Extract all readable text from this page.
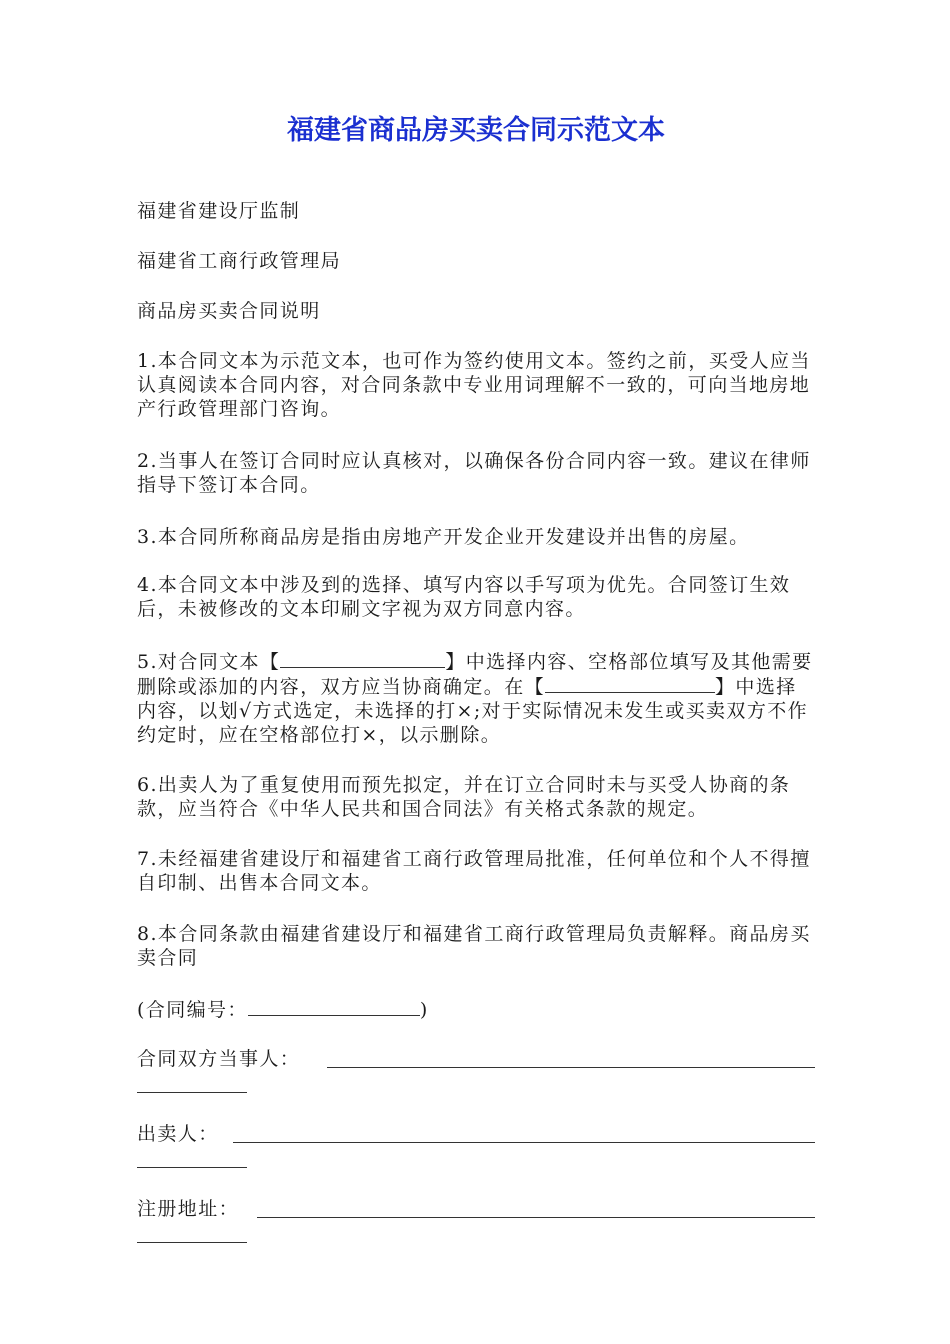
福建省商品房买卖合同示范文本

福建省建设厅监制

福建省工商行政管理局

商品房买卖合同说明

1.本合同文本为示范文本，也可作为签约使用文本。签约之前，买受人应当认真阅读本合同内容，对合同条款中专业用词理解不一致的，可向当地房地产行政管理部门咨询。

2.当事人在签订合同时应认真核对，以确保各份合同内容一致。建议在律师指导下签订本合同。

3.本合同所称商品房是指由房地产开发企业开发建设并出售的房屋。

4.本合同文本中涉及到的选择、填写内容以手写项为优先。合同签订生效后，未被修改的文本印刷文字视为双方同意内容。

5.对合同文本【	】中选择内容、空格部位填写及其他需要删除或添加的内容，双方应当协商确定。在【	】中选择内容，以划√方式选定，未选择的打×;对于实际情况未发生或买卖双方不作约定时，应在空格部位打×，以示删除。

6.出卖人为了重复使用而预先拟定，并在订立合同时未与买受人协商的条款，应当符合《中华人民共和国合同法》有关格式条款的规定。

7.未经福建省建设厅和福建省工商行政管理局批准，任何单位和个人不得擅自印制、出售本合同文本。

8.本合同条款由福建省建设厅和福建省工商行政管理局负责解释。商品房买卖合同

(合同编号：	)

合同双方当事人：

出卖人：

注册地址：
